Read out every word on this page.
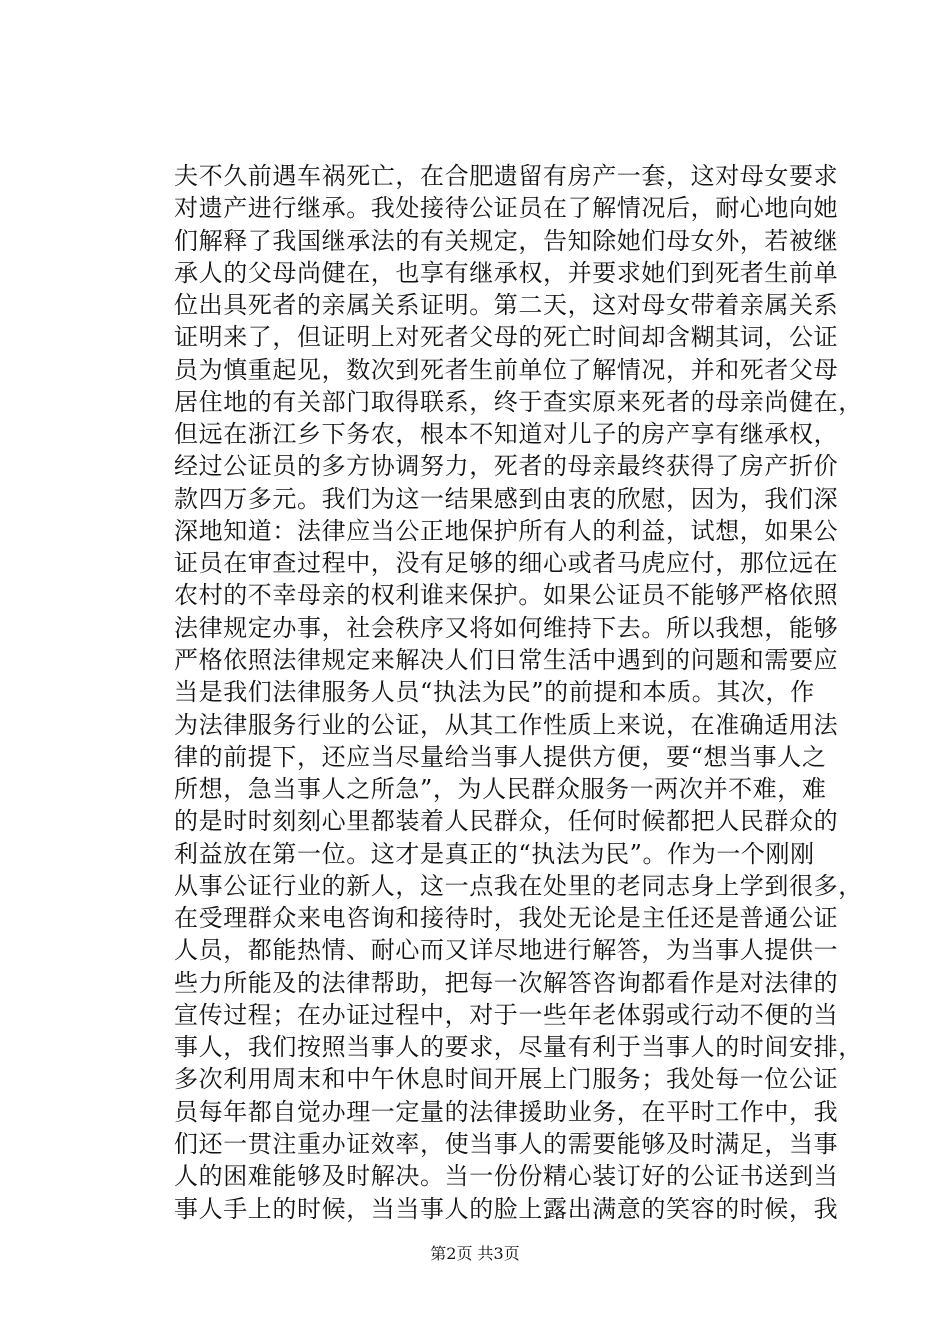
夫不久前遇车祸死亡，在合肥遗留有房产一套，这对母女要求
对遗产进行继承。我处接待公证员在了解情况后，耐心地向她
们解释了我国继承法的有关规定，告知除她们母女外，若被继
承人的父母尚健在，也享有继承权，并要求她们到死者生前单
位出具死者的亲属关系证明。第二天，这对母女带着亲属关系
证明来了，但证明上对死者父母的死亡时间却含糊其词，公证
员为慎重起见，数次到死者生前单位了解情况，并和死者父母
居住地的有关部门取得联系，终于查实原来死者的母亲尚健在，
但远在浙江乡下务农，根本不知道对儿子的房产享有继承权，
经过公证员的多方协调努力，死者的母亲最终获得了房产折价
款四万多元。我们为这一结果感到由衷的欣慰，因为，我们深
深地知道：法律应当公正地保护所有人的利益，试想，如果公
证员在审查过程中，没有足够的细心或者马虎应付，那位远在
农村的不幸母亲的权利谁来保护。如果公证员不能够严格依照
法律规定办事，社会秩序又将如何维持下去。所以我想，能够
严格依照法律规定来解决人们日常生活中遇到的问题和需要应
当是我们法律服务人员“执法为民”的前提和本质。其次，作
为法律服务行业的公证，从其工作性质上来说，在准确适用法
律的前提下，还应当尽量给当事人提供方便，要“想当事人之
所想，急当事人之所急”，为人民群众服务一两次并不难，难
的是时时刻刻心里都装着人民群众，任何时候都把人民群众的
利益放在第一位。这才是真正的“执法为民”。作为一个刚刚
从事公证行业的新人，这一点我在处里的老同志身上学到很多，
在受理群众来电咨询和接待时，我处无论是主任还是普通公证
人员，都能热情、耐心而又详尽地进行解答，为当事人提供一
些力所能及的法律帮助，把每一次解答咨询都看作是对法律的
宣传过程；在办证过程中，对于一些年老体弱或行动不便的当
事人，我们按照当事人的要求，尽量有利于当事人的时间安排，
多次利用周末和中午休息时间开展上门服务；我处每一位公证
员每年都自觉办理一定量的法律援助业务，在平时工作中，我
们还一贯注重办证效率，使当事人的需要能够及时满足，当事
人的困难能够及时解决。当一份份精心装订好的公证书送到当
事人手上的时候，当当事人的脸上露出满意的笑容的时候，我
第2页 共3页
